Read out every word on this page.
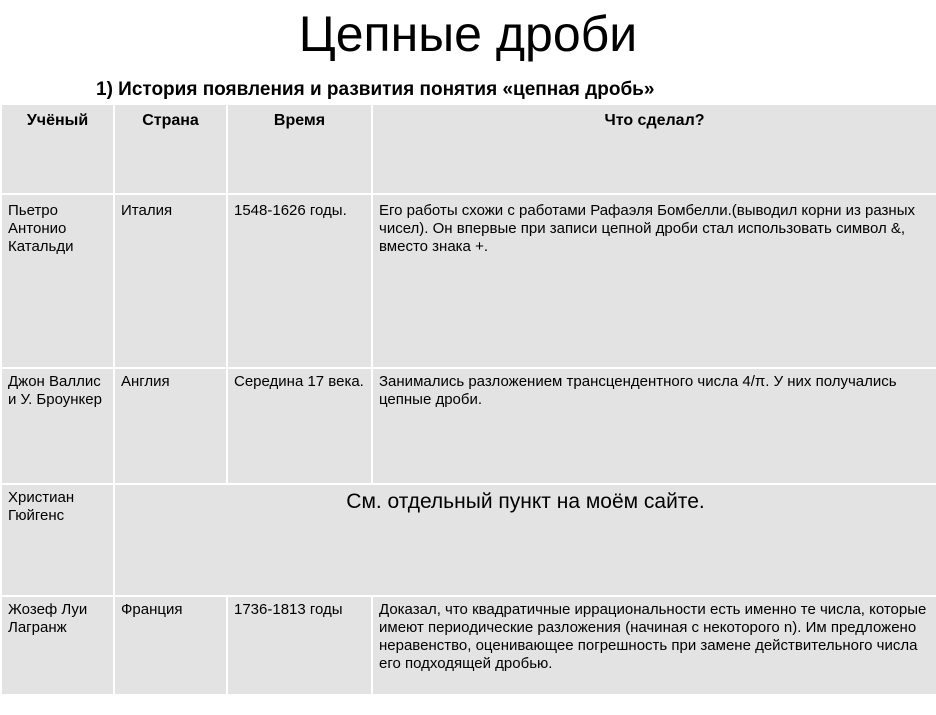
Цепные дроби
1) История появления и развития понятия «цепная дробь»
Учёный	Страна	Время	Что сделал?
Пьетро Антонио Катальди	Италия	1548-1626 годы.	Его работы схожи с работами Рафаэля Бомбелли.(выводил корни из разных чисел). Он впервые при записи цепной дроби стал использовать символ &, вместо знака +.
Джон Валлис и У. Броункер	Англия	Середина 17 века.	Занимались разложением трансцендентного числа 4/π. У них получались цепные дроби.
Христиан Гюйгенс	См. отдельный пункт на моём сайте.		
Жозеф Луи Лагранж	Франция	1736-1813 годы	Доказал, что квадратичные иррациональности есть именно те числа, которые имеют периодические разложения (начиная с некоторого n). Им предложено неравенство, оценивающее погрешность при замене действительного числа его подходящей дробью.
